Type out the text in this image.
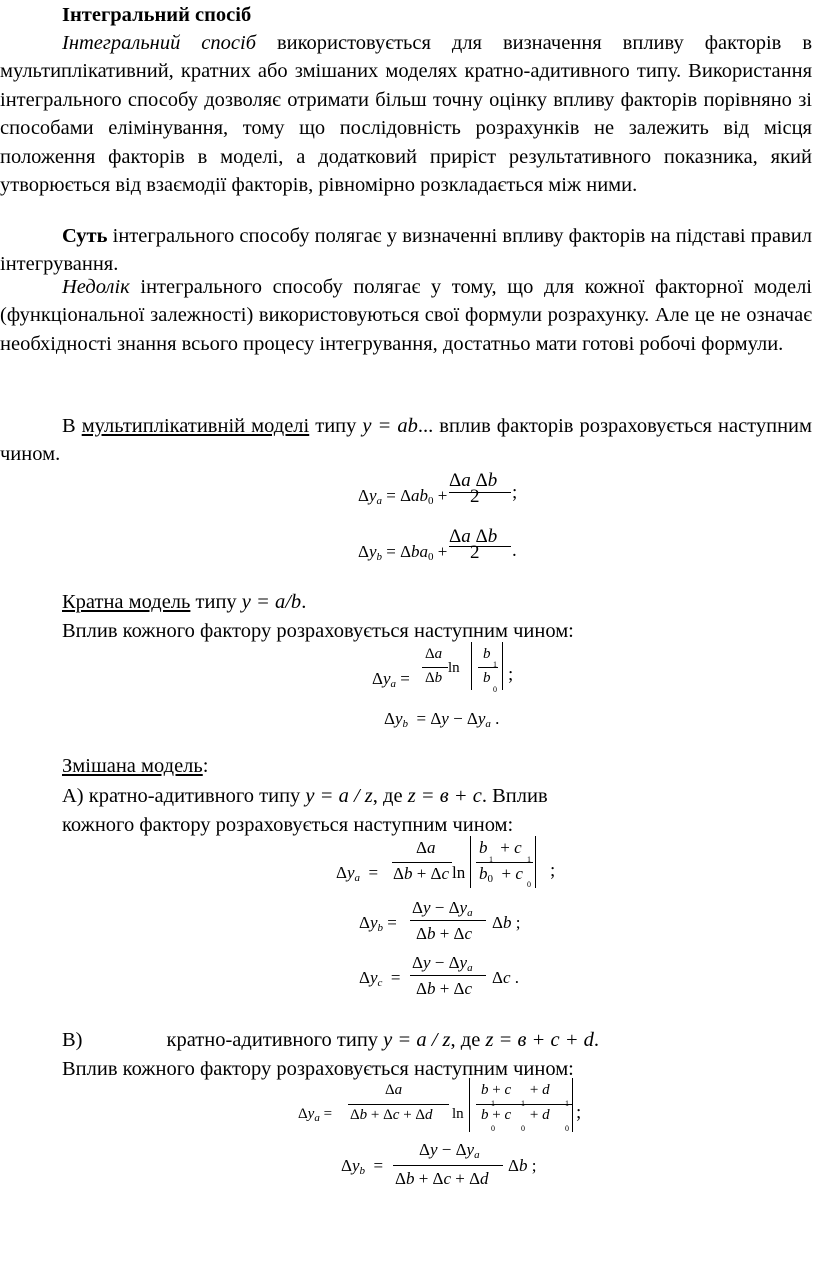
Інтегральний спосіб

Інтегральний спосіб використовується для визначення впливу факторів в мультиплікативний, кратних або змішаних моделях кратно-адитивного типу. Використання інтегрального способу дозволяє отримати більш точну оцінку впливу факторів порівняно зі способами елімінування, тому що послідовність розрахунків не залежить від місця положення факторів в моделі, а додатковий приріст результативного показника, який утворюється від взаємодії факторів, рівномірно розкладається між ними.

Суть інтегрального способу полягає у визначенні впливу факторів на підставі правил інтегрування.

Недолік інтегрального способу полягає у тому, що для кожної факторної моделі (функціональної залежності) використовуються свої формули розрахунку. Але це не означає необхідності знання всього процесу інтегрування, достатньо мати готові робочі формули.

В мультиплікативній моделі типу y = ab... вплив факторів розраховується наступним чином.

$\Delta y_a = \Delta ab_0$ +
Δa Δb
2 ;
$\Delta y_b = \Delta ba_0$ +
Δa Δb
2 .

Кратна модель типу y = a/b.

Вплив кожного фактору розраховується наступним чином:

$\Delta y_a$ =
Δa
Δb
ln
b
1
b
0
;
$\Delta y_b = \Delta y - \Delta y_a$ .

Змішана модель:

А) кратно-адитивного типу y = a / z, де z = в + с. Вплив

кожного фактору розраховується наступним чином:

$\Delta y_a$  =
Δa
Δb + Δc ln
b   + c
1	1
$b_0 + c$
0
;
$\Delta y_b$ =
$\Delta y - \Delta y_a$
Δb + Δc
Δb ;
$\Delta y_c$  =
$\Delta y - \Delta y_a$
Δb + Δc
Δc .

В)	кратно-адитивного типу y = a / z, де z = в + с + d.

Вплив кожного фактору розраховується наступним чином:

$\Delta y_a$ =
Δa
Δb + Δc + Δd ln
b + c     + d
1	1	1
b + c     + d
0	0	0
;
$\Delta y_b$  =
$\Delta y - \Delta y_a$
Δb + Δc + Δd
Δb ;
